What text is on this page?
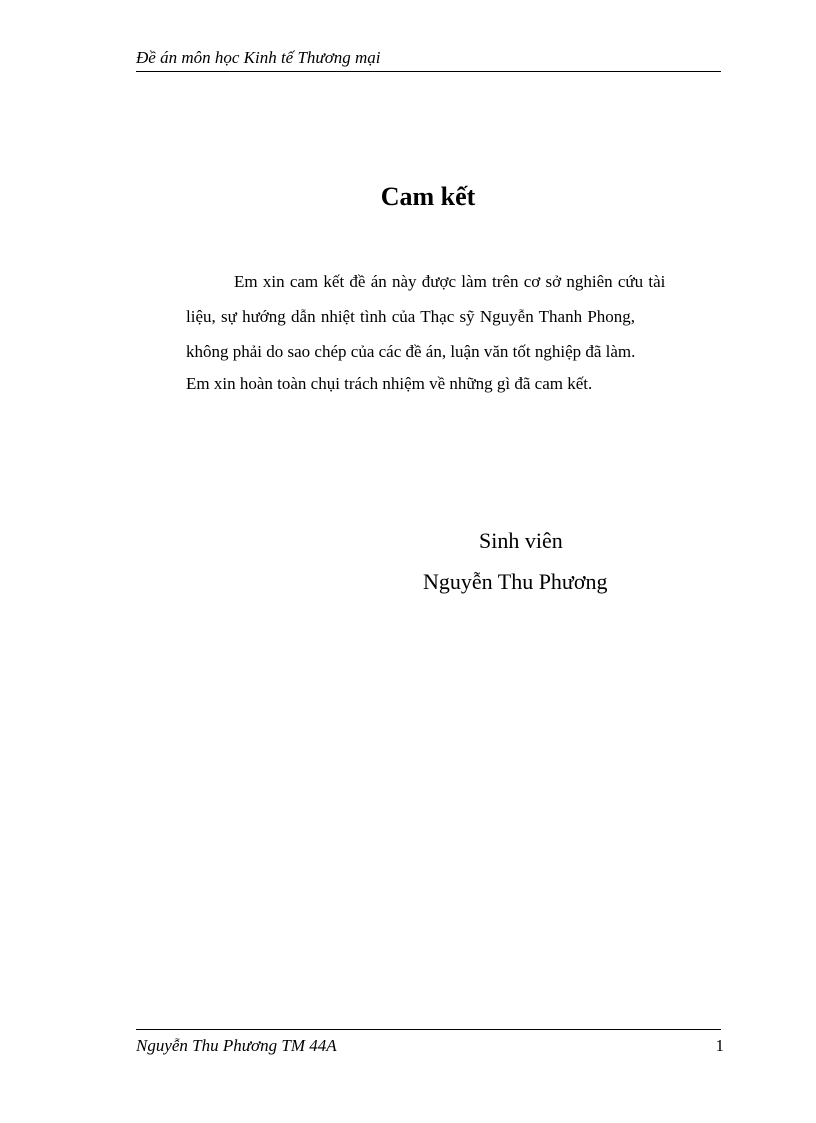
Đề án môn học Kinh tế Thương mại
Cam kết
Em xin cam kết đề án này được làm trên cơ sở nghiên cứu tài
liệu, sự hướng dẫn nhiệt tình của Thạc sỹ Nguyễn Thanh Phong,
không phải do sao chép của các đề án, luận văn tốt nghiệp đã làm.
Em xin hoàn toàn chụi trách nhiệm về những gì đã cam kết.
Sinh viên
Nguyễn Thu Phương
Nguyễn Thu Phương TM 44A	1
